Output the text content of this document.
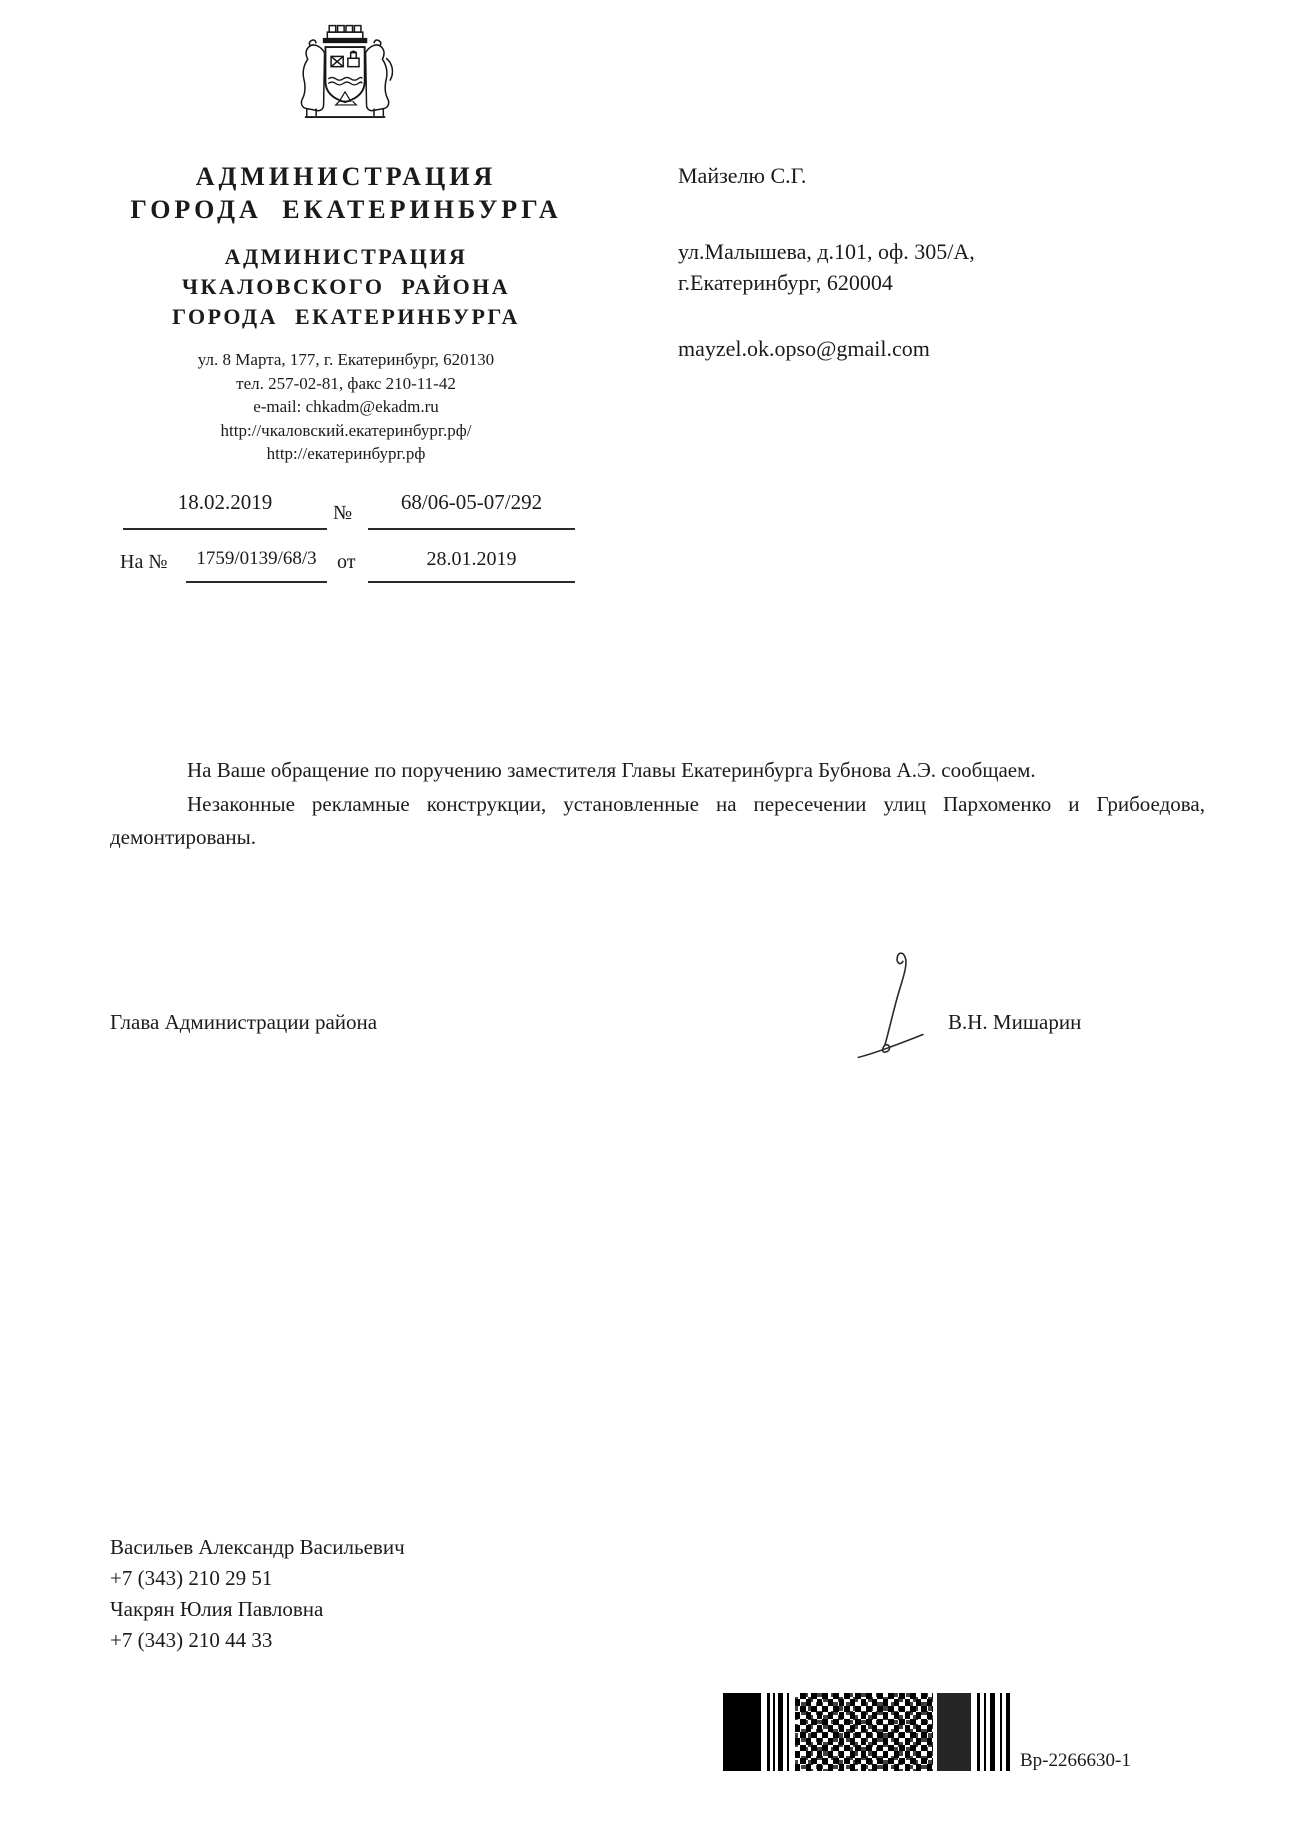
АДМИНИСТРАЦИЯ
ГОРОДА ЕКАТЕРИНБУРГА
АДМИНИСТРАЦИЯ
ЧКАЛОВСКОГО РАЙОНА
ГОРОДА ЕКАТЕРИНБУРГА
ул. 8 Марта, 177, г. Екатеринбург, 620130
тел. 257-02-81, факс 210-11-42
e-mail: chkadm@ekadm.ru
http://чкаловский.екатеринбург.рф/
http://екатеринбург.рф
18.02.2019	№	68/06-05-07/292
На №	1759/0139/68/3	от	28.01.2019
Майзелю С.Г.
ул.Малышева, д.101, оф. 305/А,
г.Екатеринбург, 620004
mayzel.ok.opso@gmail.com

На Ваше обращение по поручению заместителя Главы Екатеринбурга Бубнова А.Э. сообщаем.

Незаконные рекламные конструкции, установленные на пересечении улиц Пархоменко и Грибоедова, демонтированы.

Глава Администрации района	В.Н. Мишарин
Васильев Александр Васильевич
+7 (343) 210 29 51
Чакрян Юлия Павловна
+7 (343) 210 44 33
Вр-2266630-1
